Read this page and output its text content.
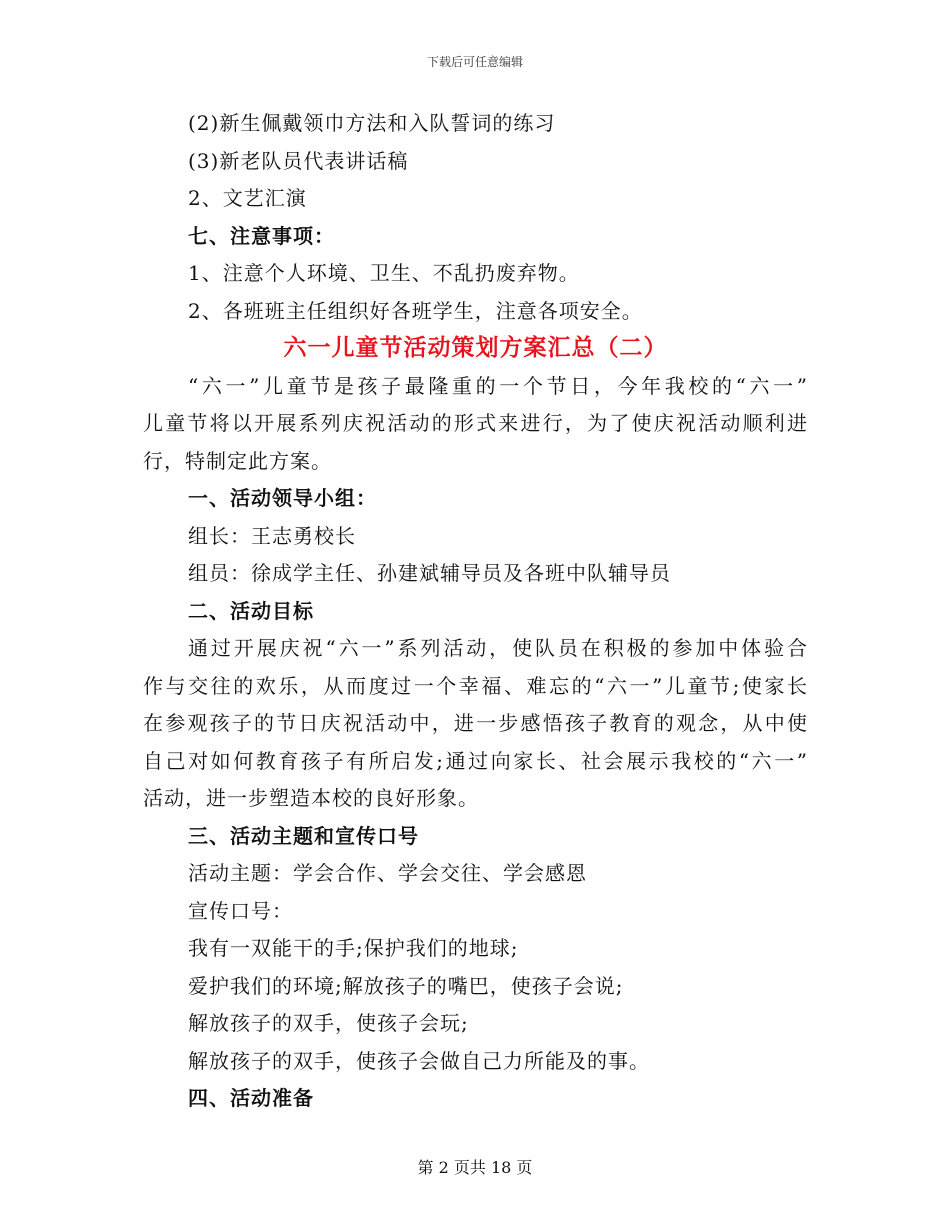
下载后可任意编辑
(2)新生佩戴领巾方法和入队誓词的练习
(3)新老队员代表讲话稿
2、文艺汇演
七、注意事项：
1、注意个人环境、卫生、不乱扔废弃物。
2、各班班主任组织好各班学生，注意各项安全。
六一儿童节活动策划方案汇总（二）
“六一”儿童节是孩子最隆重的一个节日，今年我校的“六一”
儿童节将以开展系列庆祝活动的形式来进行，为了使庆祝活动顺利进
行，特制定此方案。
一、活动领导小组：
组长：王志勇校长
组员：徐成学主任、孙建斌辅导员及各班中队辅导员
二、活动目标
通过开展庆祝“六一”系列活动，使队员在积极的参加中体验合
作与交往的欢乐，从而度过一个幸福、难忘的“六一”儿童节;使家长
在参观孩子的节日庆祝活动中，进一步感悟孩子教育的观念，从中使
自己对如何教育孩子有所启发;通过向家长、社会展示我校的“六一”
活动，进一步塑造本校的良好形象。
三、活动主题和宣传口号
活动主题：学会合作、学会交往、学会感恩
宣传口号：
我有一双能干的手;保护我们的地球;
爱护我们的环境;解放孩子的嘴巴，使孩子会说;
解放孩子的双手，使孩子会玩;
解放孩子的双手，使孩子会做自己力所能及的事。
四、活动准备
第 2 页共 18 页
